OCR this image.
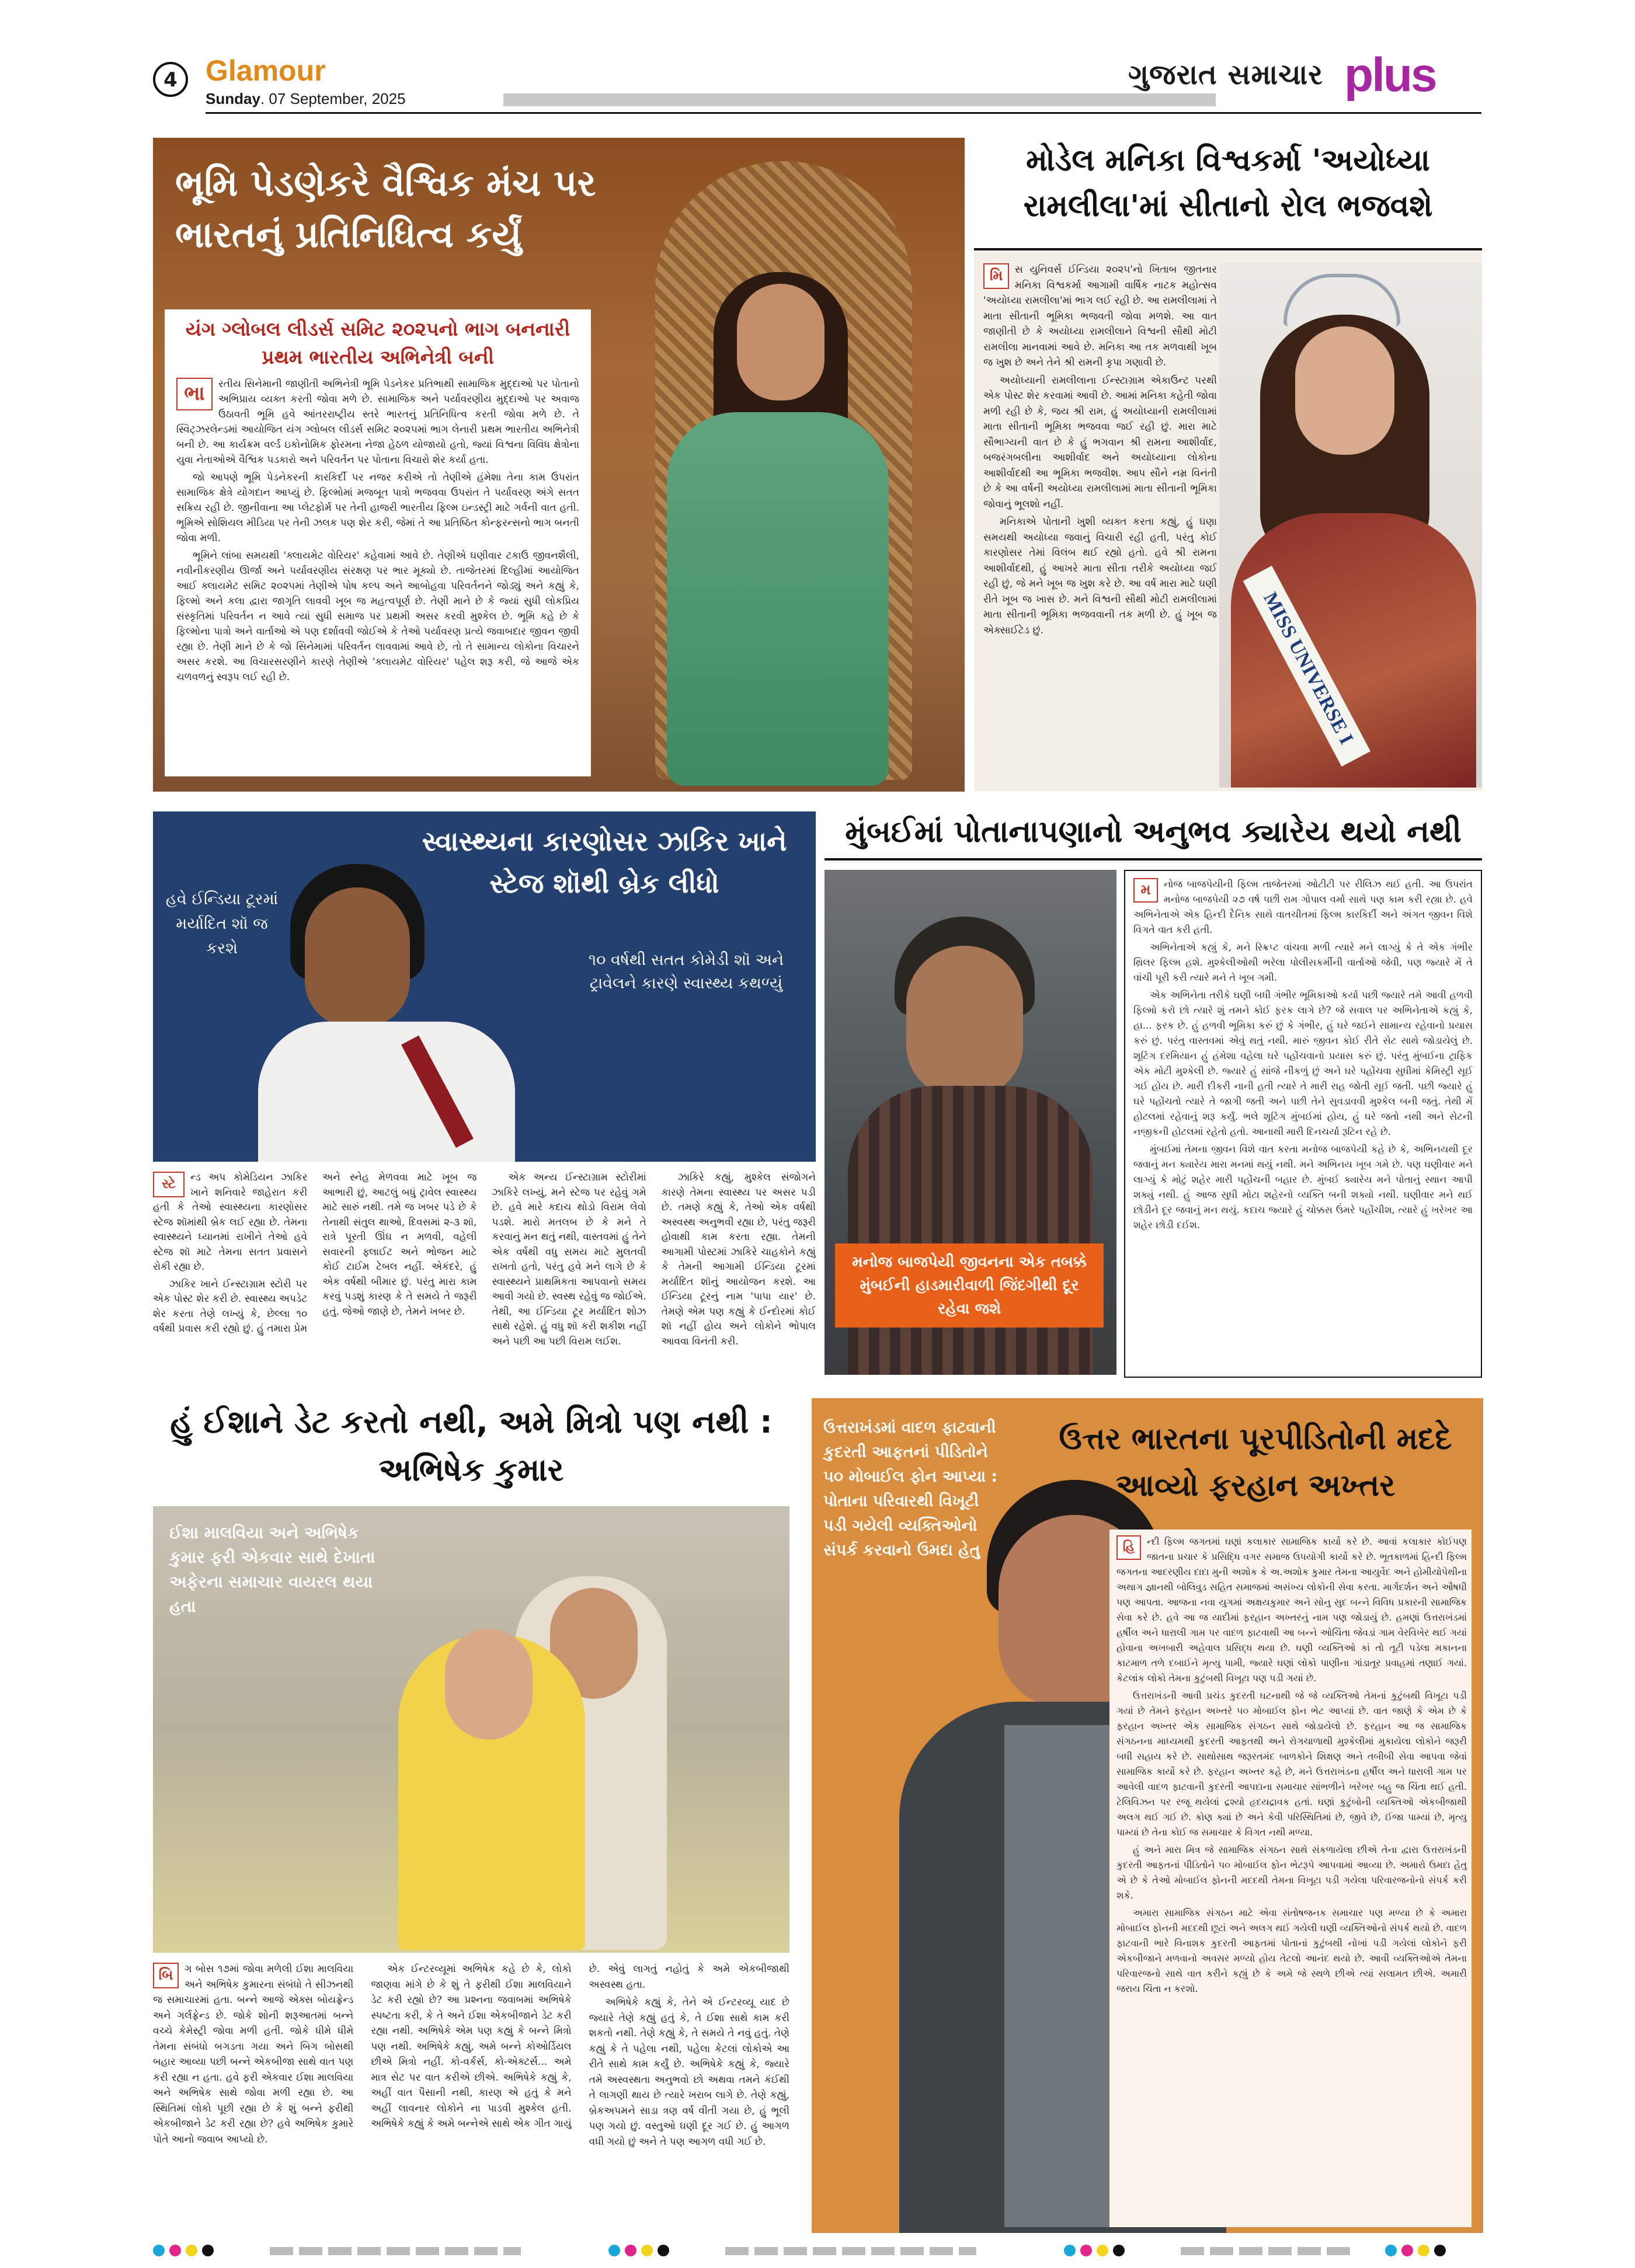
4 Glamour
Sunday. 07 September, 2025
ગુજરાત સમાચાર plus
ભૂમિ પેડણેકરે વૈશ્વિક મંચ પર ભારતનું પ્રતિનિધિત્વ કર્યું
યંગ ગ્લોબલ લીડર્સ સમિટ ૨૦૨૫નો ભાગ બનનારી પ્રથમ ભારતીય અભિનેત્રી બની
ભા	રતીય સિનેમાની જાણીતી અભિનેત્રી ભૂમિ પેડનેકર પ્રતિભાથી સામાજિક મુદ્દાઓ પર પોતાનો અભિપ્રાય વ્યક્ત કરતી જોવા મળે છે. સામાજિક અને પર્યાવરણીય મુદ્દાઓ પર અવાજ ઉઠાવતી ભૂમિ હવે આંતરરાષ્ટ્રીય સ્તરે ભારતનું પ્રતિનિધિત્વ કરતી જોવા મળે છે. તે સ્વિટ્ઝરલેન્ડમાં આયોજિત યંગ ગ્લોબલ લીડર્સ સમિટ ૨૦૨૫માં ભાગ લેનારી પ્રથમ ભારતીય અભિનેત્રી બની છે. આ કાર્યક્રમ વર્લ્ડ ઇકોનોમિક ફોરમના નેજા હેઠળ યોજાયો હતો, જ્યાં વિશ્વના વિવિધ ક્ષેત્રોના યુવા નેતાઓએ વૈશ્વિક પડકારો અને પરિવર્તન પર પોતાના વિચારો શેર કર્યા હતા.

જો આપણે ભૂમિ પેડનેકરની કારકિર્દી પર નજર કરીએ તો તેણીએ હંમેશા તેના કામ ઉપરાંત સામાજિક ક્ષેત્રે યોગદાન આપ્યું છે. ફિલ્મોમાં મજબૂત પાત્રો ભજવવા ઉપરાંત તે પર્યાવરણ અંગે સતત સક્રિય રહી છે. જીનીવાના આ પ્લેટફોર્મ પર તેની હાજરી ભારતીય ફિલ્મ ઇન્ડસ્ટ્રી માટે ગર્વની વાત હતી. ભૂમિએ સોશિયલ મીડિયા પર તેની ઝલક પણ શેર કરી, જેમાં તે આ પ્રતિષ્ઠિત કોન્ફરન્સનો ભાગ બનતી જોવા મળી.

ભૂમિને લાંબા સમયથી 'ક્લાયમેટ વોરિયર' કહેવામાં આવે છે. તેણીએ ઘણીવાર ટકાઉ જીવનશૈલી, નવીનીકરણીય ઊર્જા અને પર્યાવરણીય સંરક્ષણ પર ભાર મૂક્યો છે. તાજેતરમાં દિલ્હીમાં આયોજિત આઈ ક્લાયમેટ સમિટ ૨૦૨૫માં તેણીએ પોષ કલ્પ અને આબોહવા પરિવર્તનને જોડ્યું અને કહ્યું કે, ફિલ્મો અને કલા દ્વારા જાગૃતિ લાવવી ખૂબ જ મહત્વપૂર્ણ છે. તેણી માને છે કે જ્યાં સુધી લોકપ્રિય સંસ્કૃતિમાં પરિવર્તન ન આવે ત્યાં સુધી સમાજ પર પ્રથમી અસર કરવી મુશ્કેલ છે. ભૂમિ કહે છે કે ફિલ્મોના પાત્રો અને વાર્તાઓ એ પણ દર્શાવવી જોઈએ કે તેઓ પર્યાવરણ પ્રત્યે જવાબદાર જીવન જીવી રહ્યા છે. તેણી માને છે કે જો સિનેમામાં પરિવર્તન લાવવામાં આવે છે, તો તે સામાન્ય લોકોના વિચારને અસર કરશે. આ વિચારસરણીને કારણે તેણીએ 'ક્લાયમેટ વોરિયર' પહેલ શરૂ કરી, જે આજે એક ચળવળનું સ્વરૂપ લઈ રહી છે.

મોડેલ મનિકા વિશ્વકર્મા 'અયોધ્યા રામલીલા'માં સીતાનો રોલ ભજવશે
MISS UNIVERSE I
મિ	સ યુનિવર્સ ઈન્ડિયા ૨૦૨૫'નો ખિતાબ જીતનાર મનિકા વિશ્વકર્મા આગામી વાર્ષિક નાટક મહોત્સવ 'અયોધ્યા રામલીલા'માં ભાગ લઈ રહી છે. આ રામલીલામાં તે માતા સીતાની ભૂમિકા ભજવતી જોવા મળશે. આ વાત જાણીતી છે કે અયોધ્યા રામલીલાને વિશ્વની સૌથી મોટી રામલીલા માનવામાં આવે છે. મનિકા આ તક મળવાથી ખૂબ જ ખુશ છે અને તેને શ્રી રામની કૃપા ગણાવી છે.

અયોધ્યાની રામલીલાના ઈન્સ્ટાગ્રામ એકાઉન્ટ પરથી એક પોસ્ટ શેર કરવામાં આવી છે. આમાં મનિકા કહેતી જોવા મળી રહી છે કે, જય શ્રી રામ, હું અયોધ્યાની રામલીલામાં માતા સીતાની ભૂમિકા ભજવવા જઈ રહી છું. મારા માટે સૌભાગ્યની વાત છે કે હું ભગવાન શ્રી રામના આશીર્વાદ, બજરંગબલીના આશીર્વાદ અને અયોધ્યાના લોકોના આશીર્વાદથી આ ભૂમિકા ભજવીશ. આપ સૌને નમ્ર વિનંતી છે કે આ વર્ષની અયોધ્યા રામલીલામાં માતા સીતાની ભૂમિકા જોવાનું ભૂલશો નહીં.

મનિકાએ પોતાની ખુશી વ્યક્ત કરતા કહ્યું, હું ઘણા સમયથી અયોધ્યા જવાનું વિચારી રહી હતી, પરંતુ કોઈ કારણોસર તેમાં વિલંબ થઈ રહ્યો હતો. હવે શ્રી રામના આશીર્વાદથી, હું આખરે માતા સીતા તરીકે અયોધ્યા જઈ રહી છું, જે મને ખૂબ જ ખુશ કરે છે. આ વર્ષ મારા માટે ઘણી રીતે ખૂબ જ ખાસ છે. મને વિશ્વની સૌથી મોટી રામલીલામાં માતા સીતાની ભૂમિકા ભજવવાની તક મળી છે. હું ખૂબ જ એક્સાઈટેડ છું.

સ્વાસ્થ્યના કારણોસર ઝાકિર ખાને સ્ટેજ શૉથી બ્રેક લીધો
હવે ઈન્ડિયા ટૂરમાં મર્યાદિત શૉ જ કરશે
૧૦ વર્ષથી સતત કોમેડી શૉ અને ટ્રાવેલને કારણે સ્વાસ્થ્ય કથળ્યું
સ્ટે	ન્ડ અપ કોમેડિયન ઝાકિર ખાને શનિવારે જાહેરાત કરી હતી કે તેઓ સ્વાસ્થ્યના કારણોસર સ્ટેજ શૉમાંથી બ્રેક લઈ રહ્યા છે. તેમના સ્વાસ્થ્યને ધ્યાનમાં રાખીને તેઓ હવે સ્ટેજ શૉ માટે તેમના સતત પ્રવાસને રોકી રહ્યા છે.

ઝાકિર ખાને ઈન્સ્ટાગ્રામ સ્ટોરી પર એક પોસ્ટ શેર કરી છે. સ્વાસ્થ્ય અપડેટ શેર કરતા તેણે લખ્યું કે, છેલ્લા ૧૦ વર્ષથી પ્રવાસ કરી રહ્યો છું. હું તમારા પ્રેમ અને સ્નેહ મેળવવા માટે ખૂબ જ આભારી છું, આટલું બધું ટ્રાવેલ સ્વાસ્થ્ય માટે સારું નથી. તમે જ ખબર પડે છે કે તેનાથી સંતુલ થાઓ, દિવસમાં ૨-૩ શૉ, રાત્રે પૂરતી ઊંઘ ન મળવી, વહેલી સવારની ફ્લાઈટ અને ભોજન માટે કોઈ ટાઈમ ટેબલ નહીં. એકંદરે, હું એક વર્ષથી બીમાર છું. પરંતુ મારા કામ કરવું પડશું કારણ કે તે સમયે તે જરૂરી હતું. જેઓ જાણે છે, તેમને ખબર છે.

એક અન્ય ઈન્સ્ટાગ્રામ સ્ટોરીમાં ઝાકિરે લખ્યું, મને સ્ટેજ પર રહેવું ગમે છે. હવે મારે કદાચ થોડો વિરામ લેવો પડશે. મારો મતલબ છે કે મને તે કરવાનું મન થતું નથી, વાસ્તવમાં હું તેને એક વર્ષથી વધુ સમય માટે મુલતવી રાખતો હતો, પરંતુ હવે મને લાગે છે કે સ્વાસ્થ્યને પ્રાથમિકતા આપવાનો સમય આવી ગયો છે. સ્વસ્થ રહેવું જ જોઈએ. તેથી, આ ઈન્ડિયા ટૂર મર્યાદિત શોઝ સાથે રહેશે. હું વધુ શૉ કરી શકીશ નહીં અને પછી આ પછી વિરામ લઈશ.

ઝાકિરે કહ્યું, મુશ્કેલ સંજોગને કારણે તેમના સ્વાસ્થ્ય પર અસર પડી છે. તમણે કહ્યું કે, તેઓ એક વર્ષથી અસ્વસ્થ અનુભવી રહ્યા છે, પરંતુ જરૂરી હોવાથી કામ કરતા રહ્યા. તેમની આગામી પોસ્ટમાં ઝાકિરે ચાહકોને કહ્યું કે તેમની આગામી ઈન્ડિયા ટૂરમાં મર્યાદિત શૉનું આયોજન કરશે. આ ઈન્ડિયા ટૂરનું નામ 'પાપા યાર' છે. તેમણે એમ પણ કહ્યું કે ઈન્દોરમાં કોઈ શૉ નહીં હોય અને લોકોને ભોપાલ આવવા વિનંતી કરી.

મુંબઈમાં પોતાનાપણાનો અનુભવ ક્યારેય થયો નથી
મનોજ બાજપેયી જીવનના એક તબક્કે મુંબઈની હાડમારીવાળી જિંદગીથી દૂર રહેવા જશે
મ	નોજ બાજપેયીની ફિલ્મ તાજેતરમાં ઓટીટી પર રીલિઝ થઈ હતી. આ ઉપરાંત મનોજ બાજપેયી ૨૭ વર્ષ પછી રામ ગોપાલ વર્મા સાથે પણ કામ કરી રહ્યા છે. હવે અભિનેતાએ એક હિન્દી દૈનિક સાથે વાતચીતમાં ફિલ્મ કારકિર્દી અને અંગત જીવન વિશે વિગતે વાત કરી હતી.

અભિનેતાએ કહ્યું કે, મને સ્ક્રિપ્ટ વાંચવા મળી ત્યારે મને લાગ્યું કે તે એક ગંભીર થ્રિલર ફિલ્મ હશે. મુશ્કેલીઓથી ભરેલા પોલીસકર્મીની વાર્તાઓ જેવી, પણ જ્યારે મેં તે વાંચી પૂરી કરી ત્યારે મને તે ખૂબ ગમી.

એક અભિનેતા તરીકે ઘણી બધી ગંભીર ભૂમિકાઓ કર્યા પછી જ્યારે તમે આવી હળવી ફિલ્મો કરો છો ત્યારે શું તમને કોઈ ફરક લાગે છે? જે સવાલ પર અભિનેતાએ કહ્યું કે, હા... ફરક છે. હું હળવી ભૂમિકા કરું છું કે ગંભીર, હું ઘરે જઈને સામાન્ય રહેવાનો પ્રયાસ કરું છું. પરંતુ વાસ્તવમાં એવું થતું નથી. મારું જીવન કોઈ રીતે સેટ સાથે જોડાયેલું છે. શૂટિંગ દરમિયાન હું હંમેશા વહેલા ઘરે પહોંચવાનો પ્રયાસ કરું છું. પરંતુ મુંબઈના ટ્રાફિક એક મોટી મુશ્કેલી છે. જ્યારે હું સાંજે નીકળું છું અને ઘરે પહોંચવા સુધીમાં કેમિસ્ટ્રી સૂઈ ગઈ હોય છે. મારી દીકરી નાની હતી ત્યારે તે મારી રાહ જોતી સૂઈ જતી. પછી જ્યારે હું ઘરે પહોંચતો ત્યારે તે જાગી જતી અને પછી તેને સુવડાવવી મુશ્કેલ બની જતું. તેથી મેં હોટલમાં રહેવાનું શરૂ કર્યું. ભલે શૂટિંગ મુંબઈમાં હોય, હું ઘરે જતો નથી અને સેટની નજીકની હોટલમાં રહેતો હતો. આનાથી મારી દિનચર્યા રૂટિન રહે છે.

મુંબઈમાં તેમના જીવન વિશે વાત કરતા મનોજ બાજપેયી કહે છે કે, અભિનયથી દૂર જવાનું મન ક્યારેય મારા મનમાં થયું નથી. મને અભિનય ખૂબ ગમે છે. પણ ઘણીવાર મને લાગ્યું કે મોટું શહેર મારી પહોંચની બહાર છે. મુંબઈ ક્યારેય મને પોતાનું સ્થાન આપી શક્યું નથી. હું આજ સુધી મોટા શહેરનો વ્યક્તિ બની શક્યો નથી. ઘણીવાર મને થઈ છોડીને દૂર જવાનું મન થયું. કદાચ જ્યારે હું ચોક્કસ ઉંમરે પહોંચીશ, ત્યારે હું ખરેખર આ શહેર છોડી દઈશ.

હું ઈશાને ડેટ કરતો નથી, અમે મિત્રો પણ નથી : અભિષેક કુમાર
ઈશા માલવિયા અને અભિષેક કુમાર ફરી એકવાર સાથે દેખાતા અફેરના સમાચાર વાયરલ થયા હતા
બિ	ગ બોસ ૧૭માં જોવા મળેલી ઈશા માલવિયા અને અભિષેક કુમારના સંબંધો તે સીઝનથી જ સમાચારમાં હતા. બન્ને આજે એક્સ બોયફ્રેન્ડ અને ગર્લફ્રેન્ડ છે. જોકે શોની શરૂઆતમાં બન્ને વચ્ચે કેમેસ્ટ્રી જોવા મળી હતી. જોકે ધીમે ધીમે તેમના સંબંધો બગડતા ગયા અને બિગ બોસથી બહાર આવ્યા પછી બન્ને એકબીજા સાથે વાત પણ કરી રહ્યા ન હતા. હવે ફરી એકવાર ઈશા માલવિયા અને અભિષેક સાથે જોવા મળી રહ્યા છે. આ સ્થિતિમાં લોકો પૂછી રહ્યા છે કે શું બન્ને ફરીથી એકબીજાને ડેટ કરી રહ્યા છે? હવે અભિષેક કુમારે પોતે આનો જવાબ આપ્યો છે.

એક ઈન્ટરવ્યૂમાં અભિષેક કહે છે કે, લોકો જાણવા માંગે છે કે શું તે ફરીથી ઈશા માલવિયાને ડેટ કરી રહ્યો છે? આ પ્રશ્નના જવાબમાં અભિષેકે સ્પષ્ટતા કરી, કે તે અને ઈશા એકબીજાને ડેટ કરી રહ્યા નથી. અભિષેકે એમ પણ કહ્યું કે બન્ને મિત્રો પણ નથી. અભિષેકે કહ્યું, અમે બન્ને કોઓર્ડિયલ છીએ મિત્રો નહીં. કો-વર્કર્સ, કો-એક્ટર્સ... અમે માત્ર સેટ પર વાત કરીએ છીએ. અભિષેકે કહ્યું કે, અહીં વાત પૈસાની નથી, કારણ એ હતું કે મને અહીં લાવનાર લોકોને ના પાડવી મુશ્કેલ હતી. અભિષેકે કહ્યું કે અમે બન્નેએ સાથે એક ગીત ગાયું છે. એવું લાગતું નહોતું કે અમે એકબીજાથી અસ્વસ્થ હતા.

અભિષેકે કહ્યું કે, તેને એ ઈન્ટરવ્યૂ યાદ છે જ્યારે તેણે કહ્યું હતું કે, તે ઈશા સાથે કામ કરી શકતો નથી. તેણે કહ્યું કે, તે સમયે તે નવું હતું. તેણે કહ્યું કે તે પહેલા નથી, પહેલા કેટલાં લોકોએ આ રીતે સાથે કામ કર્યું છે. અભિષેકે કહ્યું કે, જ્યારે તમે અસ્વસ્થતા અનુભવો છો અથવા તમને કંઈથી તે લાગણી થાય છે ત્યારે ખરાબ લાગે છે. તેણે કહ્યું, બ્રેકઅપમને સાડા ત્રણ વર્ષ વીતી ગયા છે, હું ભૂલી પણ ગયો છું. વસ્તુઓ ઘણી દૂર ગઈ છે. હું આગળ વધી ગયો છું અને તે પણ આગળ વધી ગઈ છે.

ઉત્તરાખંડમાં વાદળ ફાટવાની કુદરતી આફતનાં પીડિતોને ૫૦ મોબાઈલ ફોન આપ્યા : પોતાના પરિવારથી વિખૂટી પડી ગયેલી વ્યક્તિઓનો સંપર્ક કરવાનો ઉમદા હેતુ
ઉત્તર ભારતના પૂરપીડિતોની મદદે આવ્યો ફરહાન અખ્તર
હિ	ન્દી ફિલ્મ જગતમાં ઘણાં કલાકાર સામાજિક કાર્યો કરે છે. આવાં કલાકાર કોઈપણ જાતના પ્રચાર કે પ્રસિદ્ધિ વગર સમાજ ઉપયોગી કાર્યો કરે છે. ભૂતકાળમાં હિન્દી ફિલ્મ જગતના આદરણીય દાદા મુની અશોક કે અ.અશોક કુમાર તેમના આયુર્વેદ અને હોમીયોપેથીના અથાગ જ્ઞાનથી બોલિવુડ સહિત સમાજમાં અસંખ્ય લોકોની સેવા કરતા. માર્ગદર્શન અને ઔષધી પણ આપતા. આજના નવા યુગમાં અક્ષયકુમાર અને સોનુ સુદ બન્ને વિવિધ પ્રકારની સામાજિક સેવા કરે છે. હવે આ જ યાદીમાં ફરહાન અખ્તરનું નામ પણ જોડાયું છે. હમણાં ઉત્તરાખંડમાં હર્ષીલ અને ધારાલી ગામ પર વાદળ ફાટવાથી આ બન્ને ઓચિંતા જેવડાં ગામ વેરવિખેર થઈ ગયાં હોવાના અખબારી અહેવાલ પ્રસિદ્ધ થયા છે. ઘણી વ્યક્તિઓ કાં તો તૂટી પડેલા મકાનના કાટમાળ તળે દબાઈને મૃત્યુ પામી, જ્યારે ઘણાં લોકો પાણીના ગાંડાતૂર પ્રવાહમાં તણાઈ ગયાં. કેટલાંક લોકો તેમના કુટુંબથી વિખૂટા પણ પડી ગયાં છે.

ઉત્તરાખંડની આવી પ્રચંડ કુદરતી ઘટનાથી જે જે વ્યક્તિઓ તેમનાં કુટુંબથી વિખૂટા પડી ગયાં છે તેમને ફરહાન અખ્તરે ૫૦ મોબાઈલ ફોન ભેટ આપ્યાં છે. વાત જાણે કે એમ છે કે ફરહાન અખ્તર એક સામાજિક સંગઠન સાથે જોડાયેલો છે. ફરહાન આ જ સામાજિક સંગઠનના માધ્યમથી કુદરતી આફતથી અને રોગચાળાથી મુશ્કેલીમાં મુકાયેલા લોકોને જરૂરી બધી સહાય કરે છે. સાથોસાથ જરૂરતમંદ બાળકોને શિક્ષણ અને તબીબી સેવા આપવા જેવાં સામાજિક કાર્યો કરે છે. ફરહાન અખ્તર કહે છે, મને ઉત્તરાખંડના હર્ષીલ અને ધારાલી ગામ પર આવેલી વાદળ ફાટવાની કુદરતી આપદાના સમાચાર સાંભળીને ખરેખર બહુ જ ચિંતા થઈ હતી. ટેલિવિઝન પર રજૂ થયેલાં દ્રશ્યો હૃદયદ્રાવક હતાં. ઘણાં કુટુંબોની વ્યક્તિઓ એકબીજાથી અલગ થઈ ગઈ છે. કોણ ક્યાં છે અને કેવી પરિસ્થિતિમાં છે, જીવે છે, ઈજા પામ્યાં છે, મૃત્યુ પામ્યાં છે તેના કોઈ જ સમાચાર કે વિગત નથી મળ્યા.

હું અને મારા મિત્ર જે સામાજિક સંગઠન સાથે સંકળાયેલા છીએ તેના દ્વારા ઉત્તરાખંડની કુદરતી આફતનાં પીડિતોને ૫૦ મોબાઈલ ફોન ભેટરૂપે આપવામાં આવ્યા છે. અમારો ઉમદા હેતુ એ છે કે તેઓ મોબાઈલ ફોનની મદદથી તેમના વિખૂટા પડી ગયેલા પરિવારજનોનો સંપર્ક કરી શકે.

અમારા સામાજિક સંગઠન માટે એવા સંતોષજનક સમાચાર પણ મળ્યા છે કે અમારા મોબાઈલ ફોનની મદદથી છૂટાં અને અલગ થઈ ગયેલી ઘણી વ્યક્તિઓનો સંપર્ક થયો છે. વાદળ ફાટવાની ભારે વિનાશક કુદરતી આફતમાં પોતાનાં કુટુંબથી નોખાં પડી ગયેલાં લોકોને ફરી એકબીજાને મળવાનો અવસર મળ્યો હોય તેટલો આનંદ થયો છે. આવી વ્યક્તિઓએ તેમના પરિવારજનો સાથે વાત કરીને કહ્યું છે કે અમે જે સ્થળે છીએ ત્યાં સલામત છીએ. અમારી જરાય ચિંતા ન કરશો.
